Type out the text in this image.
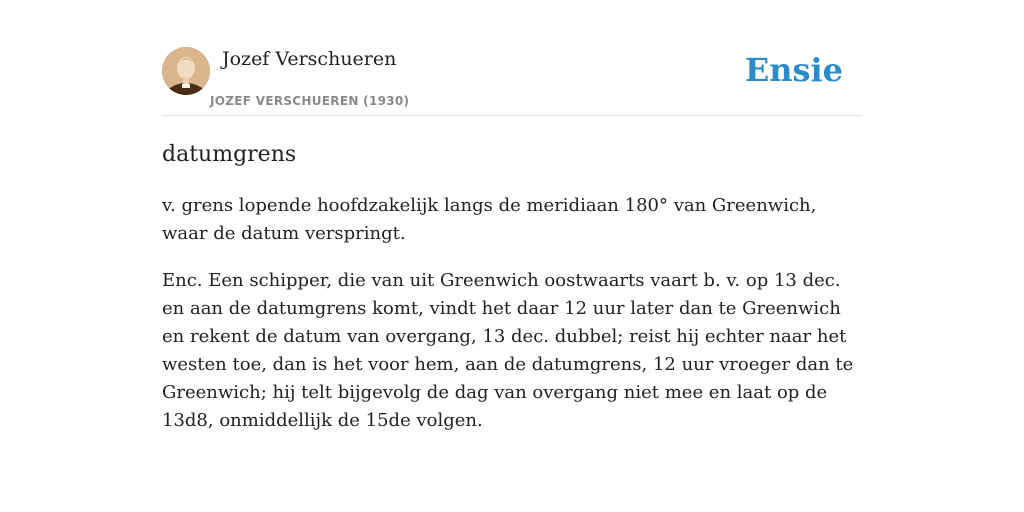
Jozef Verschueren
JOZEF VERSCHUEREN (1930)
Ensie
datumgrens

v. grens lopende hoofdzakelijk langs de meridiaan 180° van Greenwich, waar de datum verspringt.

Enc. Een schipper, die van uit Greenwich oostwaarts vaart b. v. op 13 dec. en aan de datumgrens komt, vindt het daar 12 uur later dan te Greenwich en rekent de datum van overgang, 13 dec. dubbel; reist hij echter naar het westen toe, dan is het voor hem, aan de datumgrens, 12 uur vroeger dan te Greenwich; hij telt bijgevolg de dag van overgang niet mee en laat op de 13d8, onmiddellijk de 15de volgen.
